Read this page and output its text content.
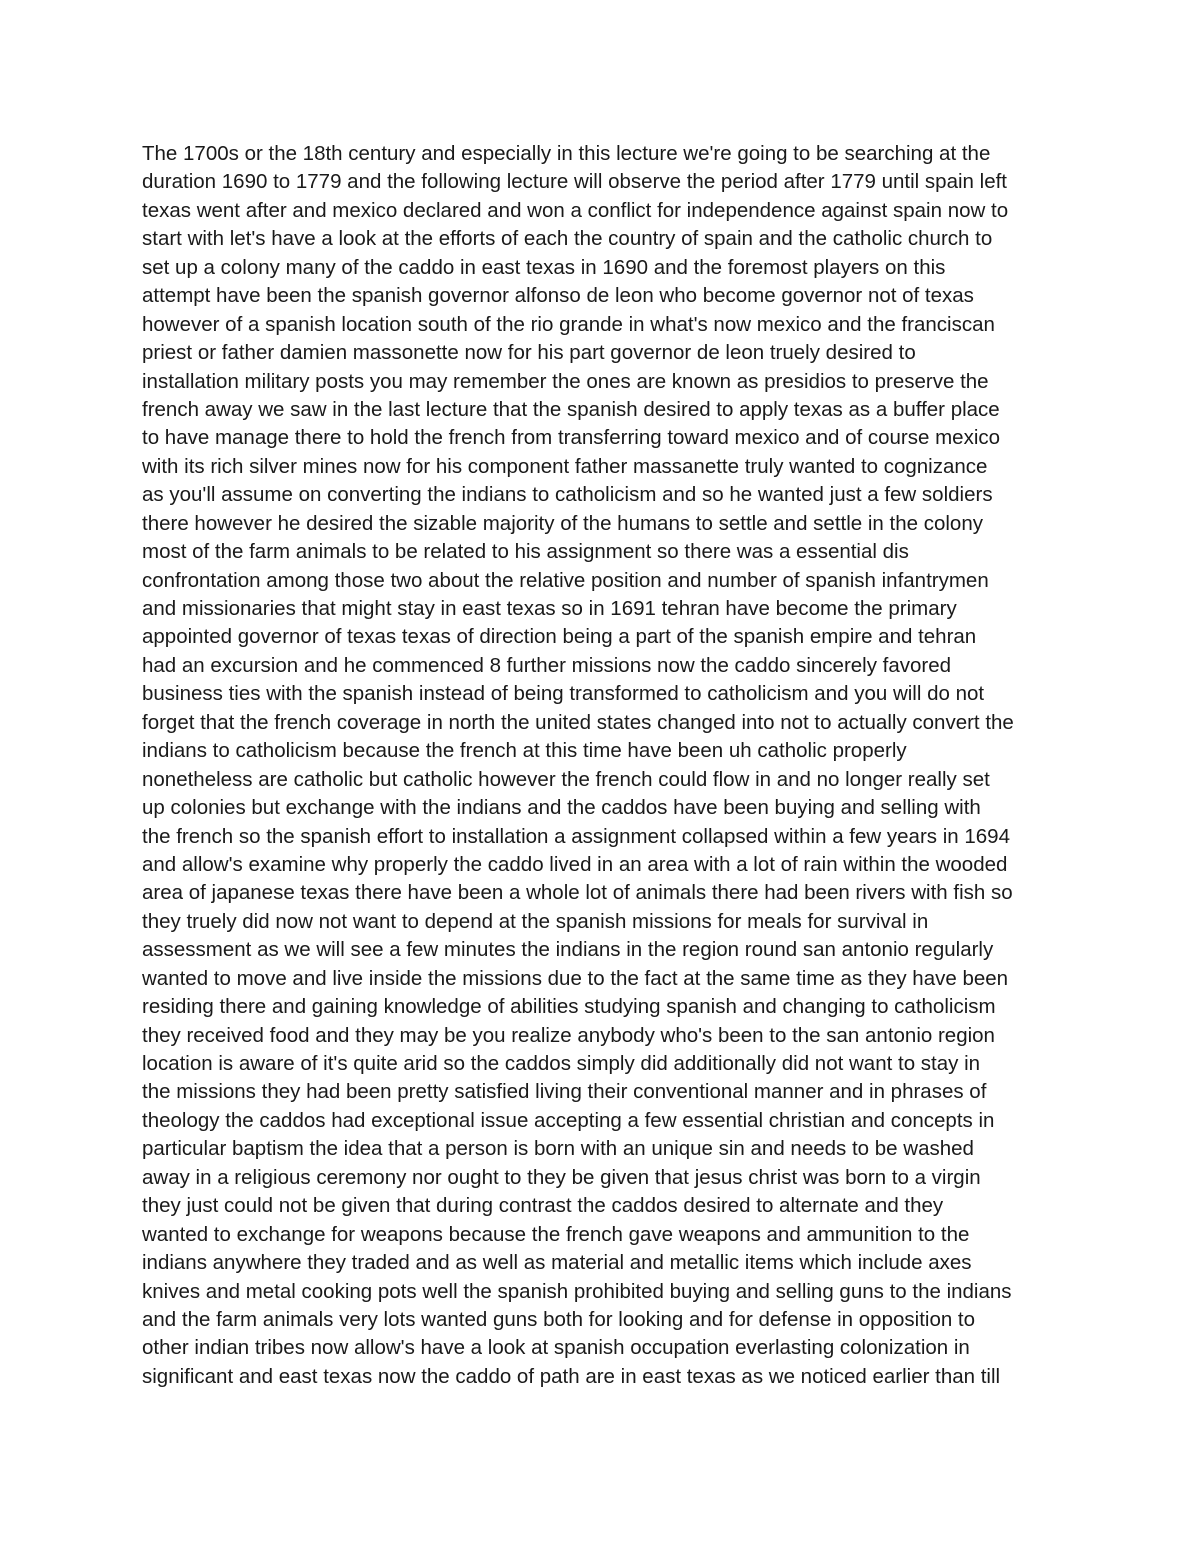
The 1700s or the 18th century and especially in this lecture we're going to be searching at the
duration 1690 to 1779 and the following lecture will observe the period after 1779 until spain left
texas went after and mexico declared and won a conflict for independence against spain now to
start with let's have a look at the efforts of each the country of spain and the catholic church to
set up a colony many of the caddo in east texas in 1690 and the foremost players on this
attempt have been the spanish governor alfonso de leon who become governor not of texas
however of a spanish location south of the rio grande in what's now mexico and the franciscan
priest or father damien massonette now for his part governor de leon truely desired to
installation military posts you may remember the ones are known as presidios to preserve the
french away we saw in the last lecture that the spanish desired to apply texas as a buffer place
to have manage there to hold the french from transferring toward mexico and of course mexico
with its rich silver mines now for his component father massanette truly wanted to cognizance
as you'll assume on converting the indians to catholicism and so he wanted just a few soldiers
there however he desired the sizable majority of the humans to settle and settle in the colony
most of the farm animals to be related to his assignment so there was a essential dis
confrontation among those two about the relative position and number of spanish infantrymen
and missionaries that might stay in east texas so in 1691 tehran have become the primary
appointed governor of texas texas of direction being a part of the spanish empire and tehran
had an excursion and he commenced 8 further missions now the caddo sincerely favored
business ties with the spanish instead of being transformed to catholicism and you will do not
forget that the french coverage in north the united states changed into not to actually convert the
indians to catholicism because the french at this time have been uh catholic properly
nonetheless are catholic but catholic however the french could flow in and no longer really set
up colonies but exchange with the indians and the caddos have been buying and selling with
the french so the spanish effort to installation a assignment collapsed within a few years in 1694
and allow's examine why properly the caddo lived in an area with a lot of rain within the wooded
area of japanese texas there have been a whole lot of animals there had been rivers with fish so
they truely did now not want to depend at the spanish missions for meals for survival in
assessment as we will see a few minutes the indians in the region round san antonio regularly
wanted to move and live inside the missions due to the fact at the same time as they have been
residing there and gaining knowledge of abilities studying spanish and changing to catholicism
they received food and they may be you realize anybody who's been to the san antonio region
location is aware of it's quite arid so the caddos simply did additionally did not want to stay in
the missions they had been pretty satisfied living their conventional manner and in phrases of
theology the caddos had exceptional issue accepting a few essential christian and concepts in
particular baptism the idea that a person is born with an unique sin and needs to be washed
away in a religious ceremony nor ought to they be given that jesus christ was born to a virgin
they just could not be given that during contrast the caddos desired to alternate and they
wanted to exchange for weapons because the french gave weapons and ammunition to the
indians anywhere they traded and as well as material and metallic items which include axes
knives and metal cooking pots well the spanish prohibited buying and selling guns to the indians
and the farm animals very lots wanted guns both for looking and for defense in opposition to
other indian tribes now allow's have a look at spanish occupation everlasting colonization in
significant and east texas now the caddo of path are in east texas as we noticed earlier than till
